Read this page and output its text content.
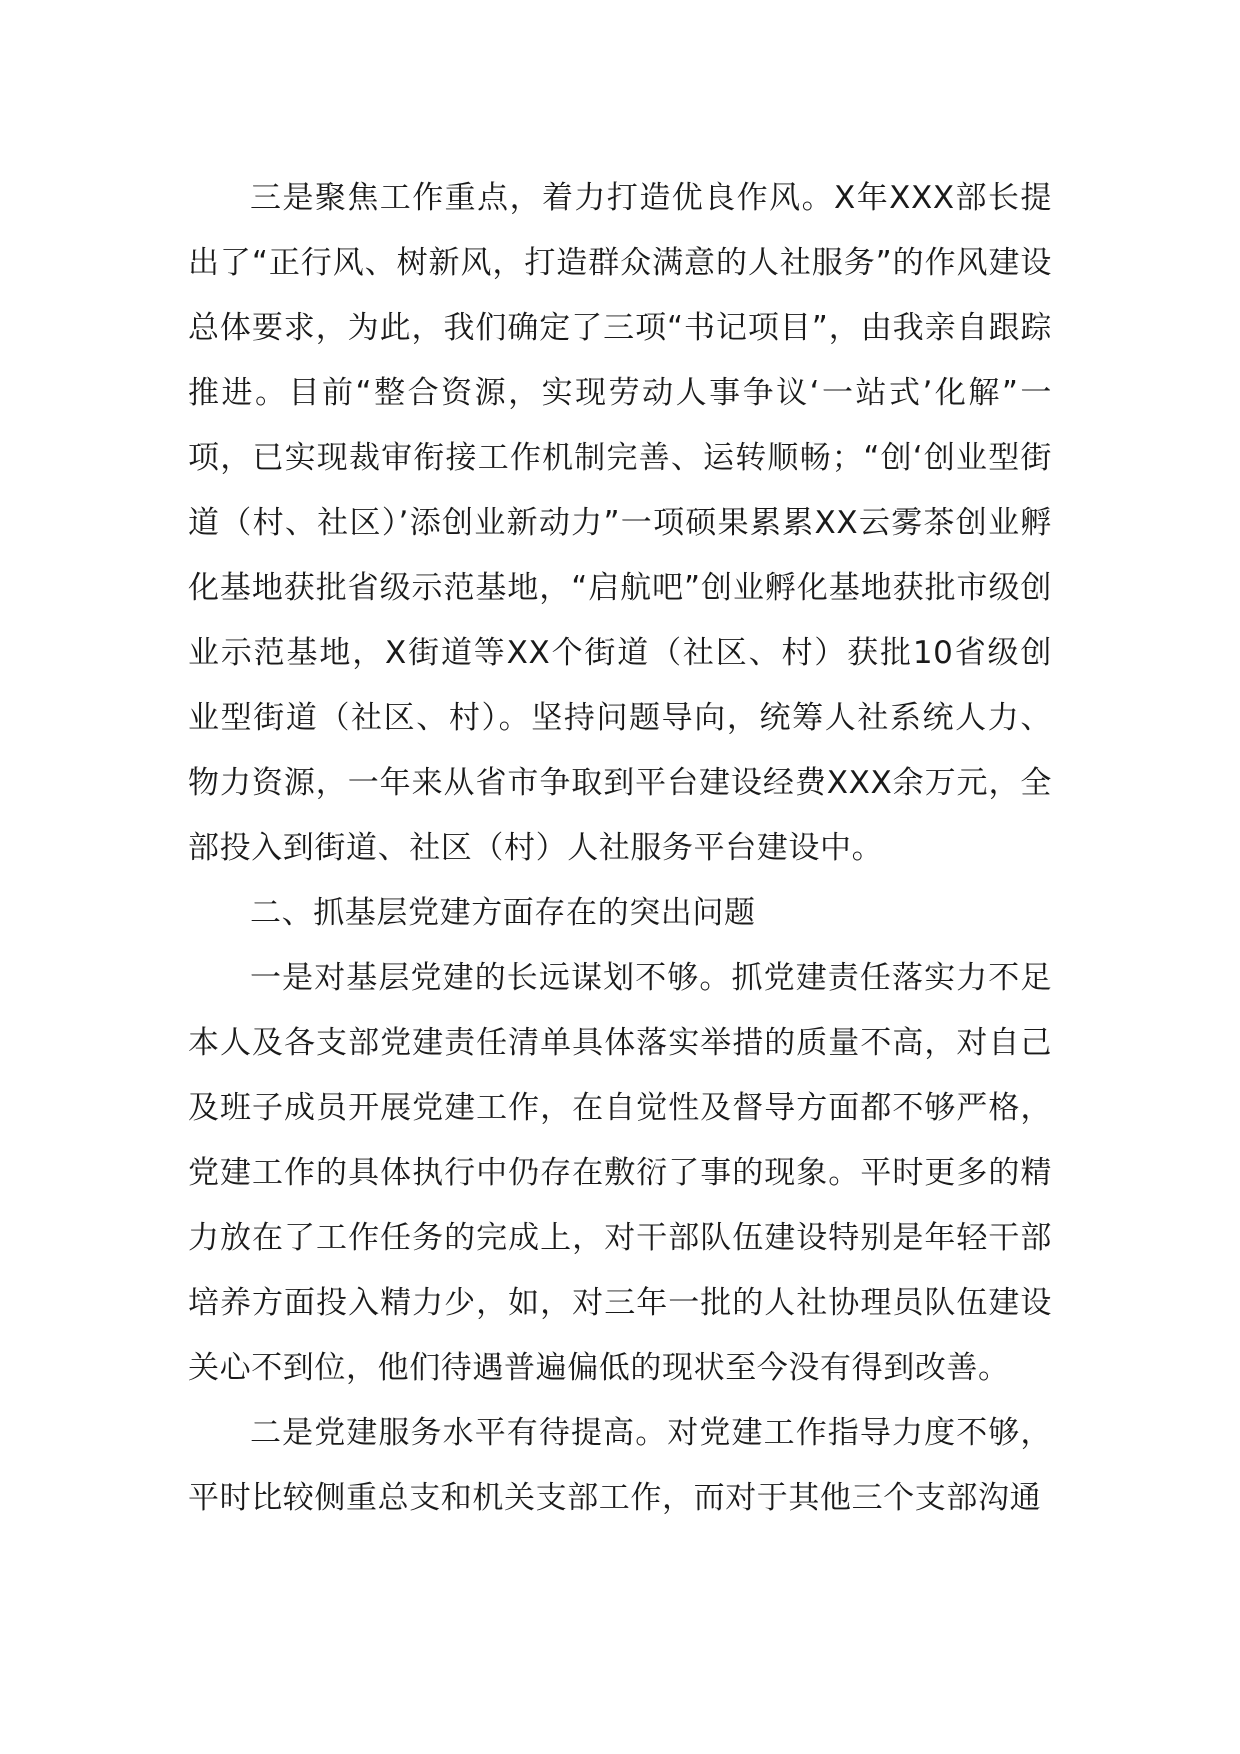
三是聚焦工作重点，着力打造优良作风。X年XXX部长提出了“正行风、树新风，打造群众满意的人社服务”的作风建设总体要求，为此，我们确定了三项“书记项目”，由我亲自跟踪推进。目前“整合资源，实现劳动人事争议‘一站式’化解”一项，已实现裁审衔接工作机制完善、运转顺畅；“创‘创业型街道（村、社区）’添创业新动力”一项硕果累累XX云雾茶创业孵化基地获批省级示范基地，“启航吧”创业孵化基地获批市级创业示范基地，X街道等XX个街道（社区、村）获批10省级创业型街道（社区、村）。坚持问题导向，统筹人社系统人力、物力资源，一年来从省市争取到平台建设经费XXX余万元，全部投入到街道、社区（村）人社服务平台建设中。

二、抓基层党建方面存在的突出问题

一是对基层党建的长远谋划不够。抓党建责任落实力不足本人及各支部党建责任清单具体落实举措的质量不高，对自己及班子成员开展党建工作，在自觉性及督导方面都不够严格，党建工作的具体执行中仍存在敷衍了事的现象。平时更多的精力放在了工作任务的完成上，对干部队伍建设特别是年轻干部培养方面投入精力少，如，对三年一批的人社协理员队伍建设关心不到位，他们待遇普遍偏低的现状至今没有得到改善。

二是党建服务水平有待提高。对党建工作指导力度不够，平时比较侧重总支和机关支部工作，而对于其他三个支部沟通
